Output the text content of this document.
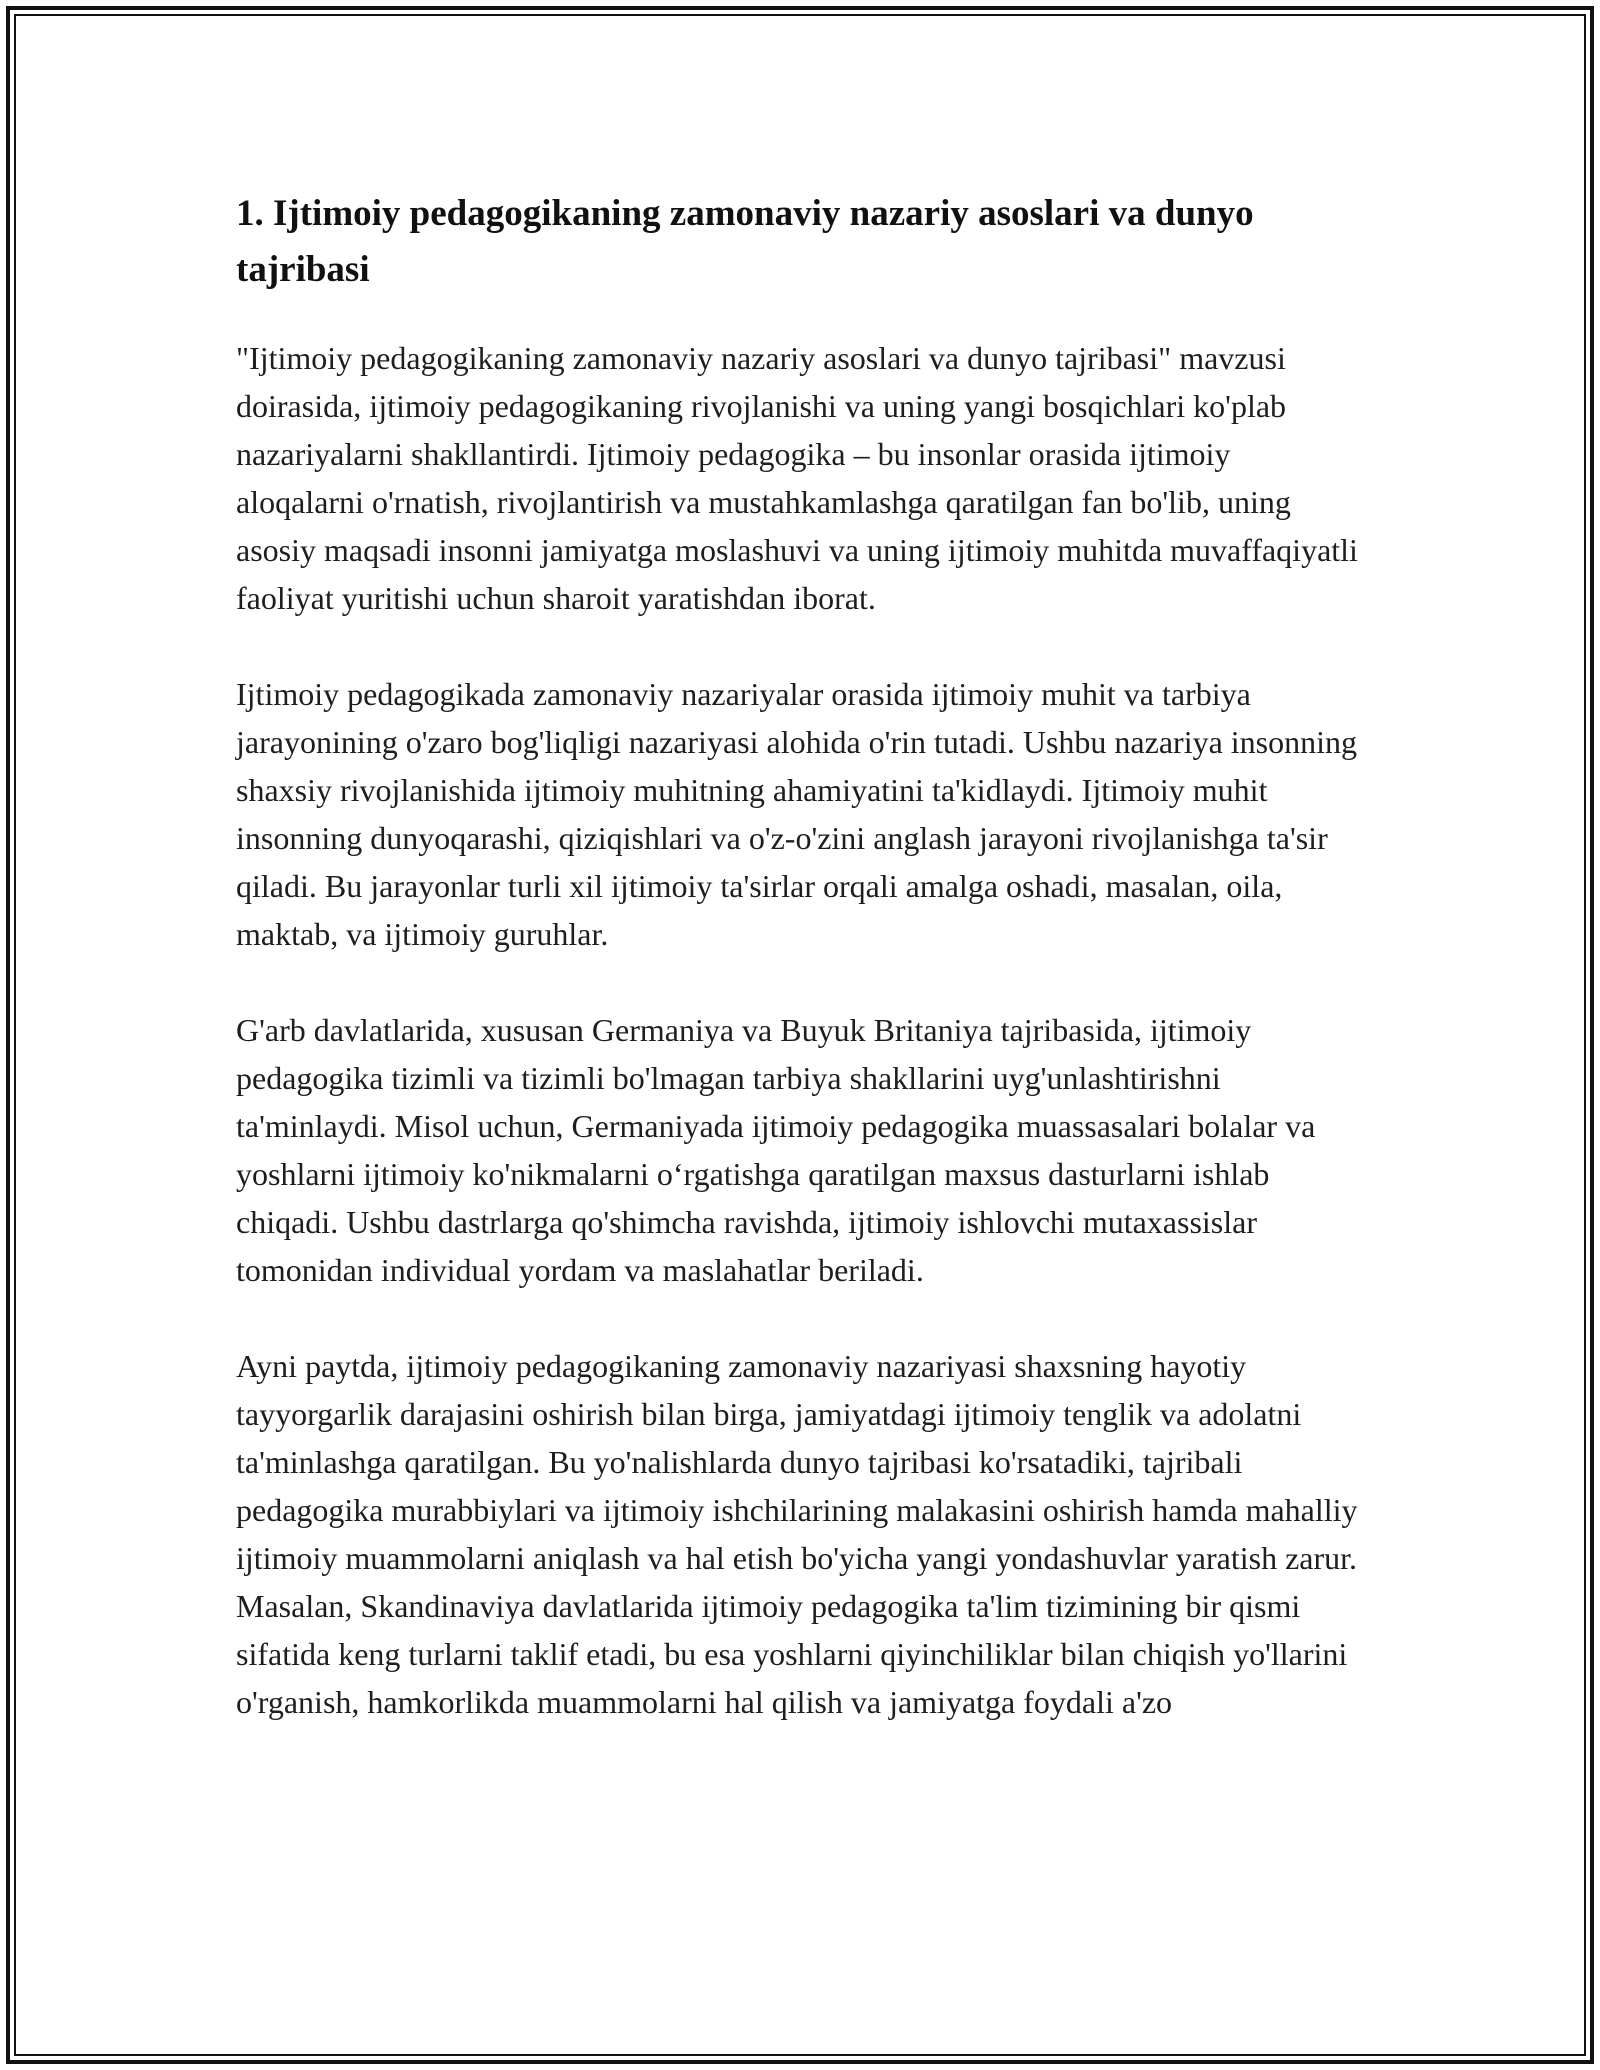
1. Ijtimoiy pedagogikaning zamonaviy nazariy asoslari va dunyo tajribasi

"Ijtimoiy pedagogikaning zamonaviy nazariy asoslari va dunyo tajribasi" mavzusi doirasida, ijtimoiy pedagogikaning rivojlanishi va uning yangi bosqichlari ko'plab nazariyalarni shakllantirdi. Ijtimoiy pedagogika – bu insonlar orasida ijtimoiy aloqalarni o'rnatish, rivojlantirish va mustahkamlashga qaratilgan fan bo'lib, uning asosiy maqsadi insonni jamiyatga moslashuvi va uning ijtimoiy muhitda muvaffaqiyatli faoliyat yuritishi uchun sharoit yaratishdan iborat.

Ijtimoiy pedagogikada zamonaviy nazariyalar orasida ijtimoiy muhit va tarbiya jarayonining o'zaro bog'liqligi nazariyasi alohida o'rin tutadi. Ushbu nazariya insonning shaxsiy rivojlanishida ijtimoiy muhitning ahamiyatini ta'kidlaydi. Ijtimoiy muhit insonning dunyoqarashi, qiziqishlari va o'z-o'zini anglash jarayoni rivojlanishga ta'sir qiladi. Bu jarayonlar turli xil ijtimoiy ta'sirlar orqali amalga oshadi, masalan, oila, maktab, va ijtimoiy guruhlar.

G'arb davlatlarida, xususan Germaniya va Buyuk Britaniya tajribasida, ijtimoiy pedagogika tizimli va tizimli bo'lmagan tarbiya shakllarini uyg'unlashtirishni ta'minlaydi. Misol uchun, Germaniyada ijtimoiy pedagogika muassasalari bolalar va yoshlarni ijtimoiy ko'nikmalarni o‘rgatishga qaratilgan maxsus dasturlarni ishlab chiqadi. Ushbu dastrlarga qo'shimcha ravishda, ijtimoiy ishlovchi mutaxassislar tomonidan individual yordam va maslahatlar beriladi.

Ayni paytda, ijtimoiy pedagogikaning zamonaviy nazariyasi shaxsning hayotiy tayyorgarlik darajasini oshirish bilan birga, jamiyatdagi ijtimoiy tenglik va adolatni ta'minlashga qaratilgan. Bu yo'nalishlarda dunyo tajribasi ko'rsatadiki, tajribali pedagogika murabbiylari va ijtimoiy ishchilarining malakasini oshirish hamda mahalliy ijtimoiy muammolarni aniqlash va hal etish bo'yicha yangi yondashuvlar yaratish zarur. Masalan, Skandinaviya davlatlarida ijtimoiy pedagogika ta'lim tizimining bir qismi sifatida keng turlarni taklif etadi, bu esa yoshlarni qiyinchiliklar bilan chiqish yo'llarini o'rganish, hamkorlikda muammolarni hal qilish va jamiyatga foydali a'zo
